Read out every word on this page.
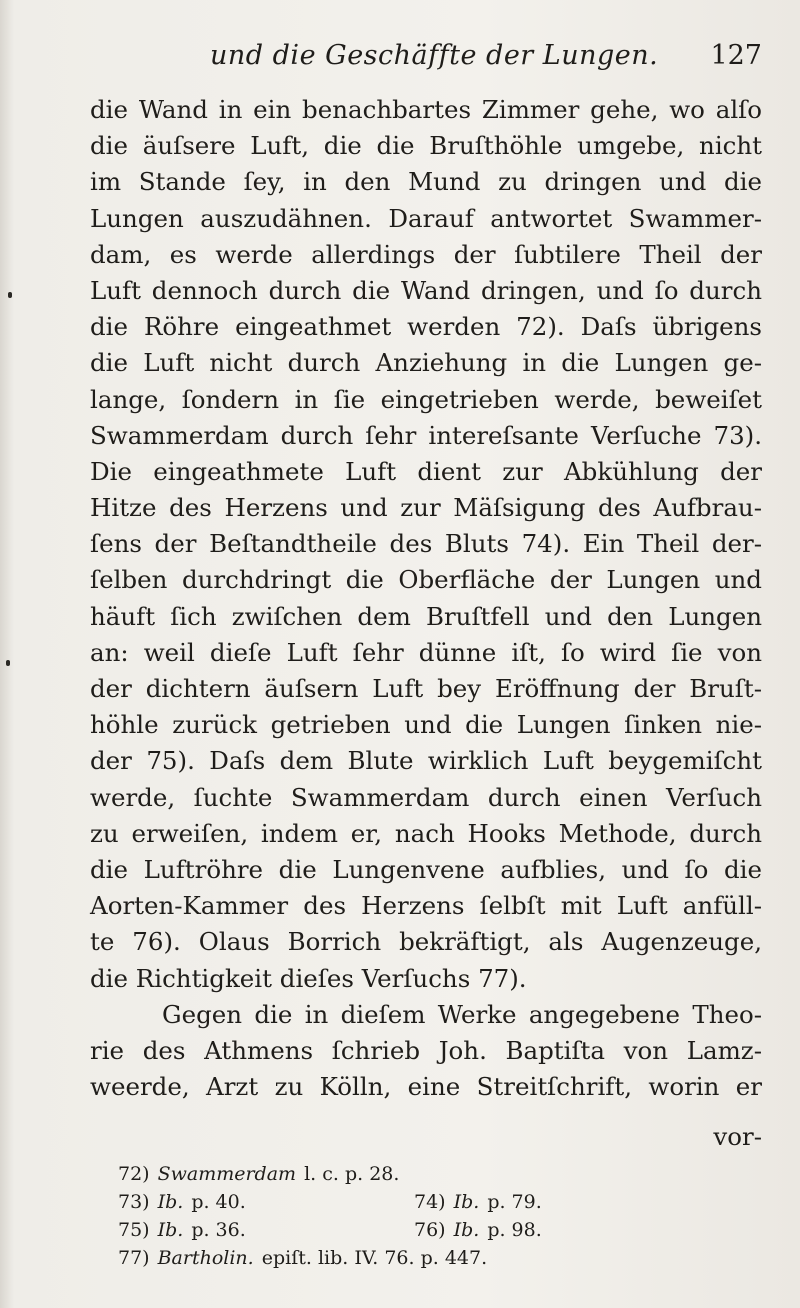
und die Geschäffte der Lungen. 127
die Wand in ein benachbartes Zimmer gehe, wo alſo
die äuſsere Luft, die die Bruſthöhle umgebe, nicht
im Stande ſey, in den Mund zu dringen und die
Lungen auszudähnen. Darauf antwortet Swammer-
dam, es werde allerdings der ſubtilere Theil der
Luft dennoch durch die Wand dringen, und ſo durch
die Röhre eingeathmet werden 72). Daſs übrigens
die Luft nicht durch Anziehung in die Lungen ge-
lange, ſondern in ſie eingetrieben werde, beweiſet
Swammerdam durch ſehr intereſsante Verſuche 73).
Die eingeathmete Luft dient zur Abkühlung der
Hitze des Herzens und zur Mäſsigung des Aufbrau-
ſens der Beſtandtheile des Bluts 74). Ein Theil der-
ſelben durchdringt die Oberfläche der Lungen und
häuft ſich zwiſchen dem Bruſtfell und den Lungen
an: weil dieſe Luft ſehr dünne iſt, ſo wird ſie von
der dichtern äuſsern Luft bey Eröffnung der Bruſt-
höhle zurück getrieben und die Lungen ſinken nie-
der 75). Daſs dem Blute wirklich Luft beygemiſcht
werde, ſuchte Swammerdam durch einen Verſuch
zu erweiſen, indem er, nach Hooks Methode, durch
die Luftröhre die Lungenvene aufblies, und ſo die
Aorten-Kammer des Herzens ſelbſt mit Luft anfüll-
te 76). Olaus Borrich bekräftigt, als Augenzeuge,
die Richtigkeit dieſes Verſuchs 77).
Gegen die in dieſem Werke angegebene Theo-
rie des Athmens ſchrieb Joh. Baptiſta von Lamz-
weerde, Arzt zu Kölln, eine Streitſchrift, worin er
vor-
72) Swammerdam l. c. p. 28.
73) Ib. p. 40.	74) Ib. p. 79.
75) Ib. p. 36.	76) Ib. p. 98.
77) Bartholin. epiſt. lib. IV. 76. p. 447.
